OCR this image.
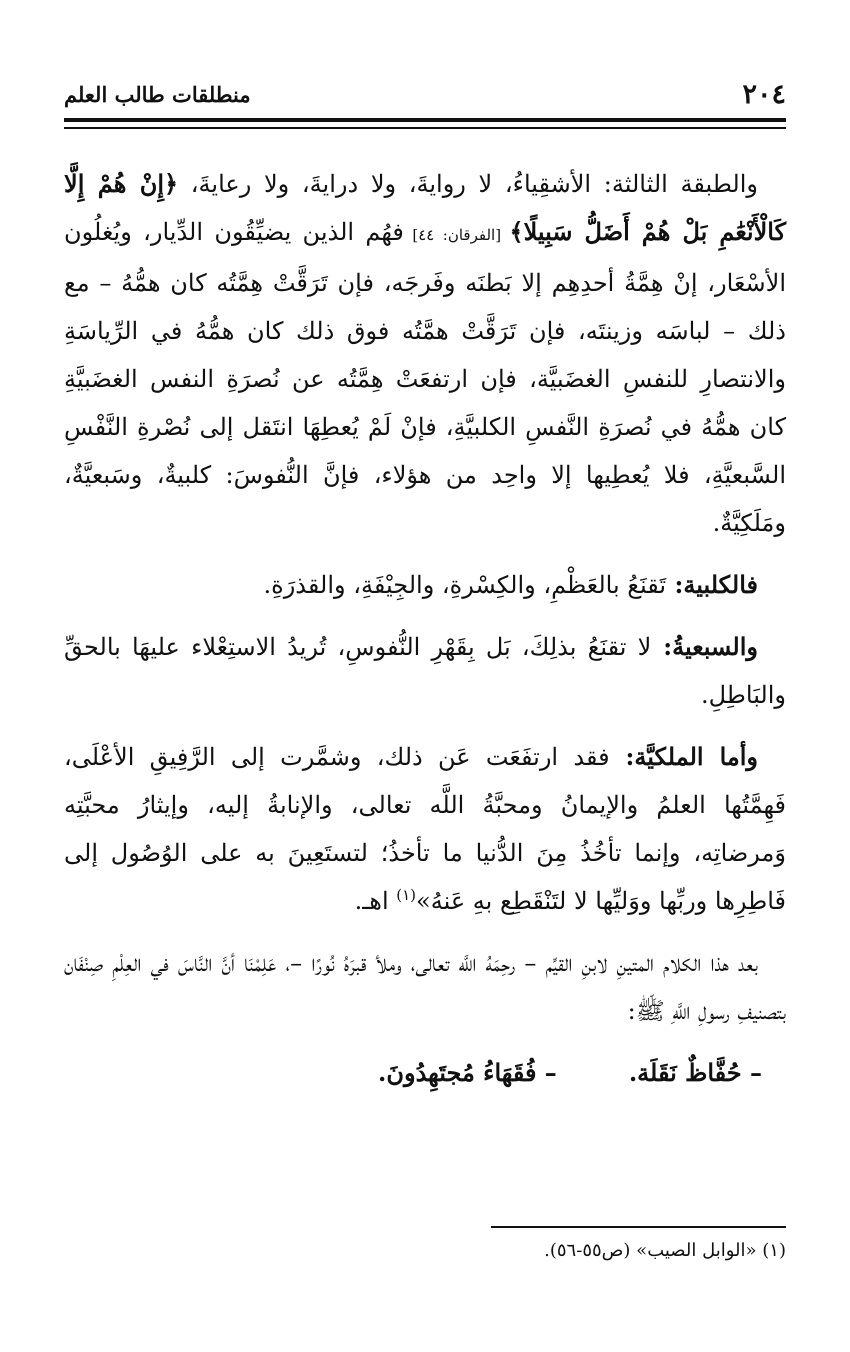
٢٠٤
منطلقات طالب العلم

والطبقة الثالثة: الأشقِياءُ، لا روايةَ، ولا درايةَ، ولا رعايةَ، ﴿إِنْ هُمْ إِلَّا كَالْأَنْعَٰمِ بَلْ هُمْ أَضَلُّ سَبِيلًا﴾ [الفرقان: ٤٤] فهُم الذين يضيِّقُون الدِّيار، ويُغلُون الأسْعَار، إنْ هِمَّةُ أحدِهِم إلا بَطنَه وفَرجَه، فإن تَرَقَّتْ هِمَّتُه كان همُّهُ – مع ذلك – لباسَه وزينتَه، فإن تَرَقَّتْ همَّتُه فوق ذلك كان همُّهُ في الرِّياسَةِ والانتصارِ للنفسِ الغضَبيَّة، فإن ارتفعَتْ هِمَّتُه عن نُصرَةِ النفس الغضَبيَّةِ كان همُّهُ في نُصرَةِ النَّفسِ الكلبيَّةِ، فإنْ لَمْ يُعطِهَا انتَقل إلى نُصْرةِ النَّفْسِ السَّبعيَّةِ، فلا يُعطِيها إلا واحِد من هؤلاء، فإنَّ النُّفوسَ: كلبيةٌ، وسَبعيَّةٌ، ومَلَكِيَّةٌ.

فالكلبية: تَقنَعُ بالعَظْمِ، والكِسْرةِ، والجِيْفَةِ، والقذرَةِ.

والسبعيةُ: لا تقنَعُ بذلِكَ، بَل بِقَهْرِ النُّفوسِ، تُريدُ الاستِعْلاء عليهَا بالحقِّ والبَاطِلِ.

وأما الملكيَّة: فقد ارتفَعَت عَن ذلك، وشمَّرت إلى الرَّفِيقِ الأعْلَى، فَهِمَّتُها العلمُ والإيمانُ ومحبَّةُ اللَّه تعالى، والإنابةُ إليه، وإيثارُ محبَّتِه وَمرضاتِه، وإنما تأخُذُ مِنَ الدُّنيا ما تأخذُ؛ لتستَعِينَ به على الوُصُول إلى فَاطِرِها وربِّها ووَليِّها لا لتَنْقَطِع بهِ عَنهُ»$^{(١)}$ اهـ.

بعد هذا الكلام المتينِ لابنِ القيِّم – رحِمَهُ اللَّه تعالى، وملأ قبرَهُ نُورًا –، عَلِمْنَا أنَّ النَّاسَ في العِلْمِ صِنْفَان بتصنيفِ رسولِ اللَّهِ ﷺ:

– حُفَّاظٌ نَقَلَة.
– فُقَهَاءُ مُجتَهِدُونَ.
(١) «الوابل الصيب» (ص٥٥-٥٦).
